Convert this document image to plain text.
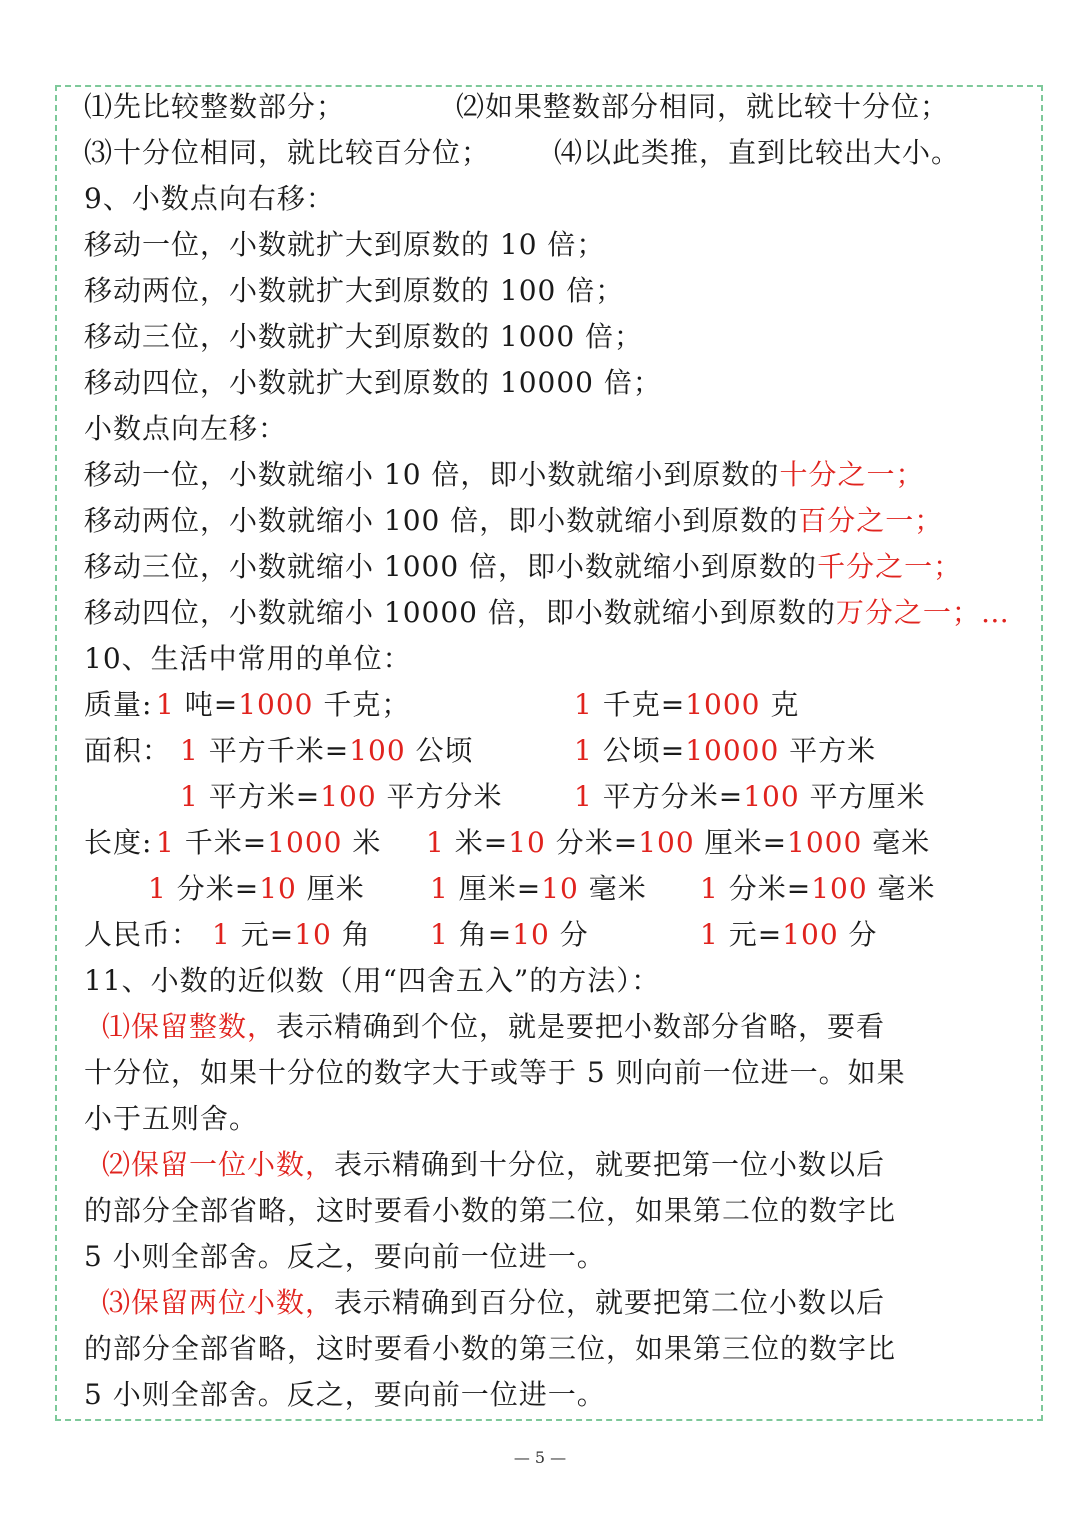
⑴先比较整数部分；	⑵如果整数部分相同，就比较十分位；
⑶十分位相同，就比较百分位； ⑷以此类推，直到比较出大小。
9、小数点向右移：
移动一位，小数就扩大到原数的 10 倍；
移动两位，小数就扩大到原数的 100 倍；
移动三位，小数就扩大到原数的 1000 倍；
移动四位，小数就扩大到原数的 10000 倍；
小数点向左移：
移动一位，小数就缩小 10 倍，即小数就缩小到原数的十分之一；
移动两位，小数就缩小 100 倍，即小数就缩小到原数的百分之一；
移动三位，小数就缩小 1000 倍，即小数就缩小到原数的千分之一；
移动四位，小数就缩小 10000 倍，即小数就缩小到原数的万分之一；…
10、生活中常用的单位：
质量: 1 吨=1000 千克；	1 千克=1000 克
面积： 1 平方千米=100 公顷	1 公顷=10000 平方米
1 平方米=100 平方分米	1 平方分米=100 平方厘米
长度: 1 千米=1000 米 1 米=10 分米=100 厘米=1000 毫米
1 分米=10 厘米 1 厘米=10 毫米 1 分米=100 毫米
人民币： 1 元=10 角 1 角=10 分	1 元=100 分
11、小数的近似数（用“四舍五入”的方法）：
⑴保留整数，表示精确到个位，就是要把小数部分省略，要看
十分位，如果十分位的数字大于或等于 5 则向前一位进一。如果
小于五则舍。
⑵保留一位小数，表示精确到十分位，就要把第一位小数以后
的部分全部省略，这时要看小数的第二位，如果第二位的数字比
5 小则全部舍。反之，要向前一位进一。
⑶保留两位小数，表示精确到百分位，就要把第二位小数以后
的部分全部省略，这时要看小数的第三位，如果第三位的数字比
5 小则全部舍。反之，要向前一位进一。
— 5 —
